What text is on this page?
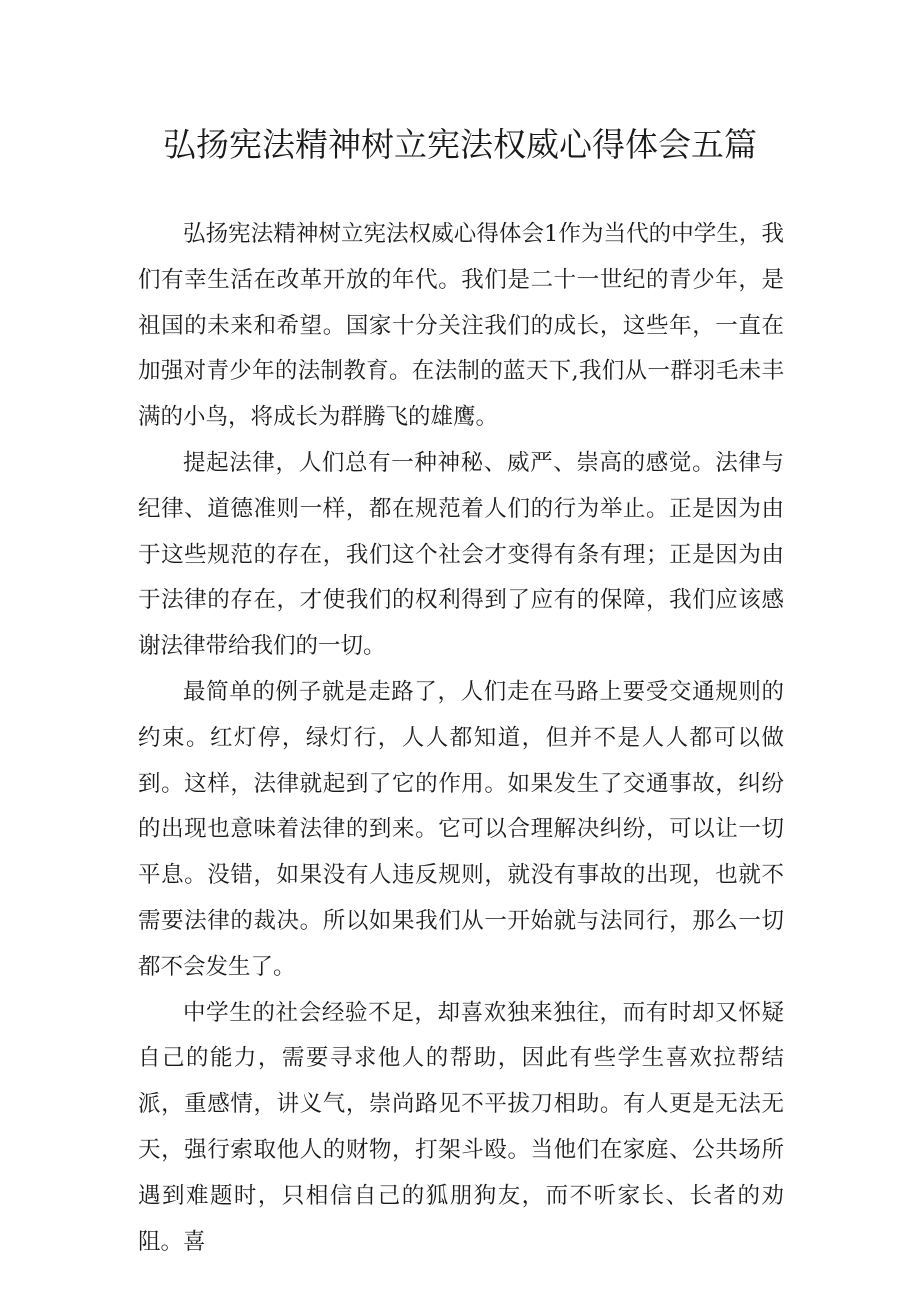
弘扬宪法精神树立宪法权威心得体会五篇

弘扬宪法精神树立宪法权威心得体会1作为当代的中学生，我们有幸生活在改革开放的年代。我们是二十一世纪的青少年，是祖国的未来和希望。国家十分关注我们的成长，这些年，一直在加强对青少年的法制教育。在法制的蓝天下,我们从一群羽毛未丰满的小鸟，将成长为群腾飞的雄鹰。

提起法律，人们总有一种神秘、威严、崇高的感觉。法律与纪律、道德准则一样，都在规范着人们的行为举止。正是因为由于这些规范的存在，我们这个社会才变得有条有理；正是因为由于法律的存在，才使我们的权利得到了应有的保障，我们应该感谢法律带给我们的一切。

最简单的例子就是走路了，人们走在马路上要受交通规则的约束。红灯停，绿灯行，人人都知道，但并不是人人都可以做到。这样，法律就起到了它的作用。如果发生了交通事故，纠纷的出现也意味着法律的到来。它可以合理解决纠纷，可以让一切平息。没错，如果没有人违反规则，就没有事故的出现，也就不需要法律的裁决。所以如果我们从一开始就与法同行，那么一切都不会发生了。

中学生的社会经验不足，却喜欢独来独往，而有时却又怀疑自己的能力，需要寻求他人的帮助，因此有些学生喜欢拉帮结派，重感情，讲义气，崇尚路见不平拔刀相助。有人更是无法无天，强行索取他人的财物，打架斗殴。当他们在家庭、公共场所遇到难题时，只相信自己的狐朋狗友，而不听家长、长者的劝阻。喜
